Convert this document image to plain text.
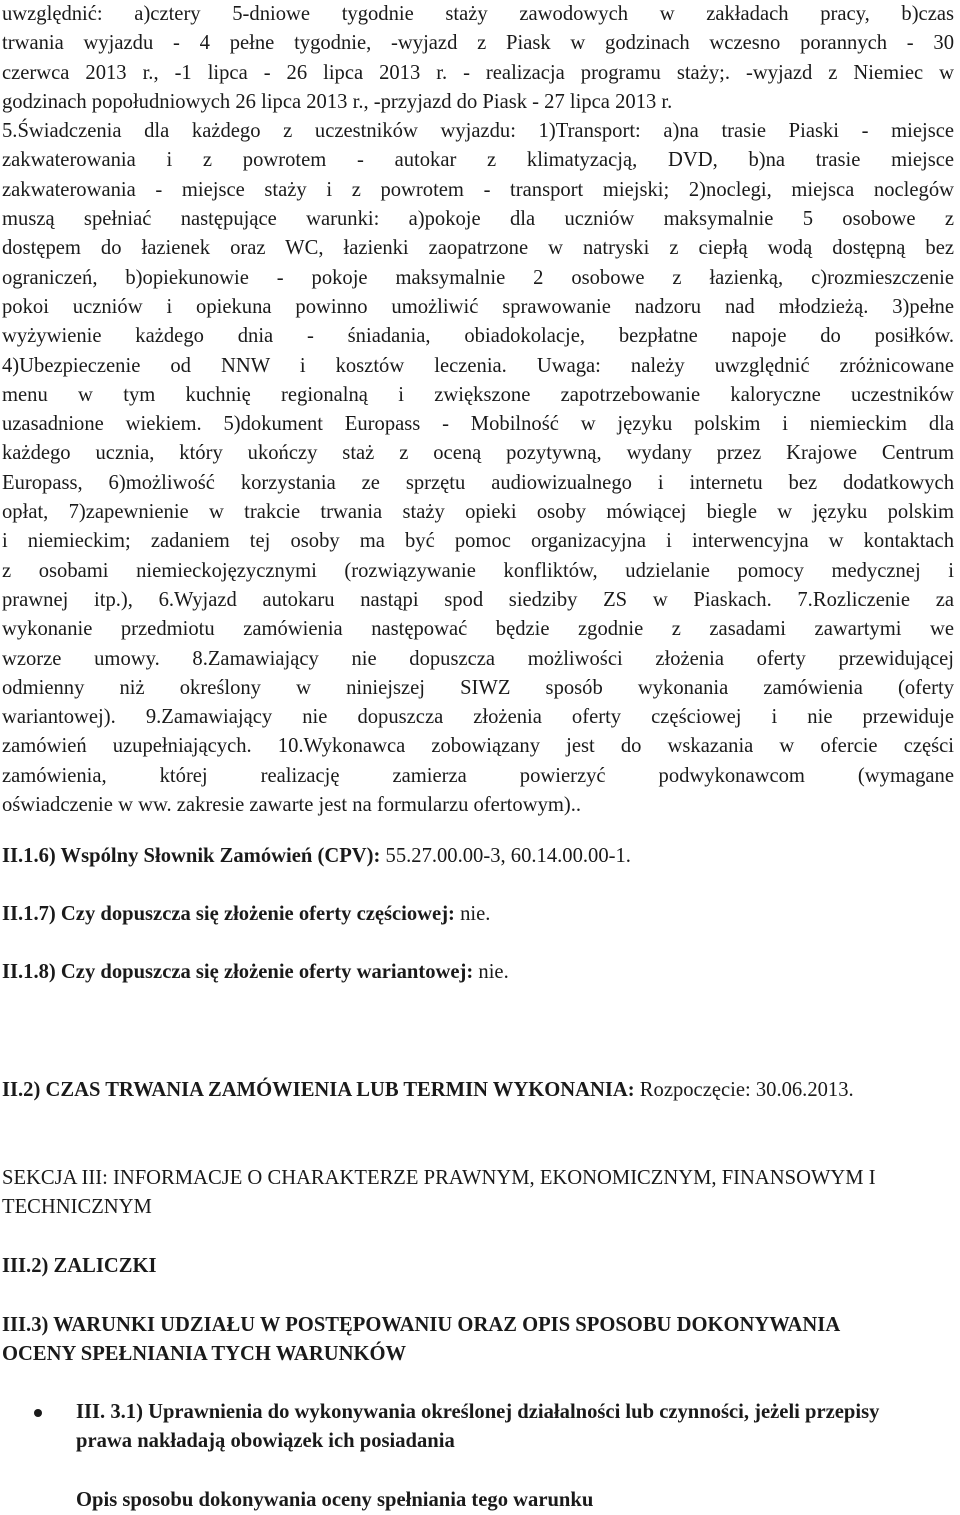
uwzględnić: a)cztery 5-dniowe tygodnie staży zawodowych w zakładach pracy, b)czas
trwania wyjazdu - 4 pełne tygodnie, -wyjazd z Piask w godzinach wczesno porannych - 30
czerwca 2013 r., -1 lipca - 26 lipca 2013 r. - realizacja programu staży;. -wyjazd z Niemiec w
godzinach popołudniowych 26 lipca 2013 r., -przyjazd do Piask - 27 lipca 2013 r.
5.Świadczenia dla każdego z uczestników wyjazdu: 1)Transport: a)na trasie Piaski - miejsce
zakwaterowania i z powrotem - autokar z klimatyzacją, DVD, b)na trasie miejsce
zakwaterowania - miejsce staży i z powrotem - transport miejski; 2)noclegi, miejsca noclegów
muszą spełniać następujące warunki: a)pokoje dla uczniów maksymalnie 5 osobowe z
dostępem do łazienek oraz WC, łazienki zaopatrzone w natryski z ciepłą wodą dostępną bez
ograniczeń, b)opiekunowie - pokoje maksymalnie 2 osobowe z łazienką, c)rozmieszczenie
pokoi uczniów i opiekuna powinno umożliwić sprawowanie nadzoru nad młodzieżą. 3)pełne
wyżywienie każdego dnia - śniadania, obiadokolacje, bezpłatne napoje do posiłków.
4)Ubezpieczenie od NNW i kosztów leczenia. Uwaga: należy uwzględnić zróżnicowane
menu w tym kuchnię regionalną i zwiększone zapotrzebowanie kaloryczne uczestników
uzasadnione wiekiem. 5)dokument Europass - Mobilność w języku polskim i niemieckim dla
każdego ucznia, który ukończy staż z oceną pozytywną, wydany przez Krajowe Centrum
Europass, 6)możliwość korzystania ze sprzętu audiowizualnego i internetu bez dodatkowych
opłat, 7)zapewnienie w trakcie trwania staży opieki osoby mówiącej biegle w języku polskim
i niemieckim; zadaniem tej osoby ma być pomoc organizacyjna i interwencyjna w kontaktach
z osobami niemieckojęzycznymi (rozwiązywanie konfliktów, udzielanie pomocy medycznej i
prawnej itp.), 6.Wyjazd autokaru nastąpi spod siedziby ZS w Piaskach. 7.Rozliczenie za
wykonanie przedmiotu zamówienia następować będzie zgodnie z zasadami zawartymi we
wzorze umowy. 8.Zamawiający nie dopuszcza możliwości złożenia oferty przewidującej
odmienny niż określony w niniejszej SIWZ sposób wykonania zamówienia (oferty
wariantowej). 9.Zamawiający nie dopuszcza złożenia oferty częściowej i nie przewiduje
zamówień uzupełniających. 10.Wykonawca zobowiązany jest do wskazania w ofercie części
zamówienia, której realizację zamierza powierzyć podwykonawcom (wymagane
oświadczenie w ww. zakresie zawarte jest na formularzu ofertowym)..
II.1.6) Wspólny Słownik Zamówień (CPV): 55.27.00.00-3, 60.14.00.00-1.
II.1.7) Czy dopuszcza się złożenie oferty częściowej: nie.
II.1.8) Czy dopuszcza się złożenie oferty wariantowej: nie.
II.2) CZAS TRWANIA ZAMÓWIENIA LUB TERMIN WYKONANIA: Rozpoczęcie: 30.06.2013.
SEKCJA III: INFORMACJE O CHARAKTERZE PRAWNYM, EKONOMICZNYM, FINANSOWYM I TECHNICZNYM
III.2) ZALICZKI
III.3) WARUNKI UDZIAŁU W POSTĘPOWANIU ORAZ OPIS SPOSOBU DOKONYWANIA OCENY SPEŁNIANIA TYCH WARUNKÓW
III. 3.1) Uprawnienia do wykonywania określonej działalności lub czynności, jeżeli przepisy prawa nakładają obowiązek ich posiadania
Opis sposobu dokonywania oceny spełniania tego warunku
